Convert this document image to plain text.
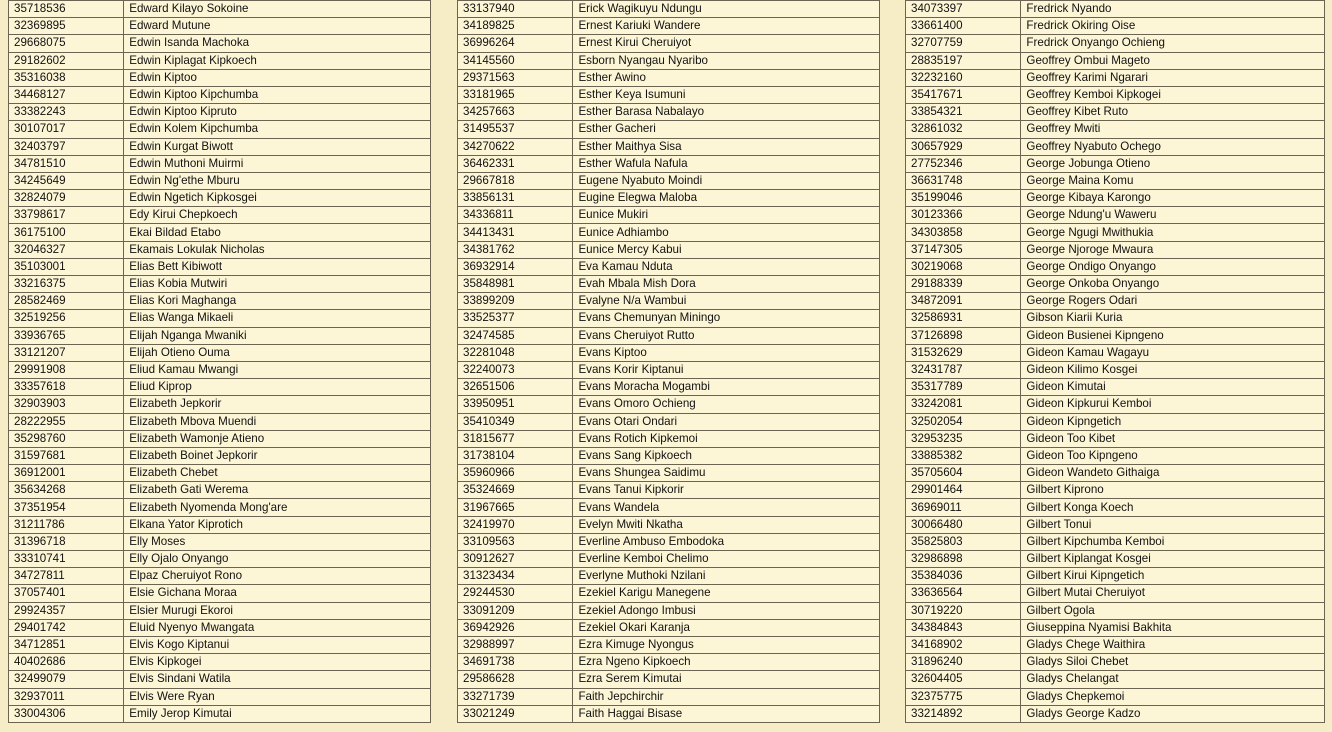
35718536	Edward Kilayo Sokoine
32369895	Edward Mutune
29668075	Edwin Isanda Machoka
29182602	Edwin Kiplagat Kipkoech
35316038	Edwin Kiptoo
34468127	Edwin Kiptoo Kipchumba
33382243	Edwin Kiptoo Kipruto
30107017	Edwin Kolem Kipchumba
32403797	Edwin Kurgat Biwott
34781510	Edwin Muthoni Muirmi
34245649	Edwin Ng'ethe Mburu
32824079	Edwin Ngetich Kipkosgei
33798617	Edy Kirui Chepkoech
36175100	Ekai Bildad Etabo
32046327	Ekamais Lokulak Nicholas
35103001	Elias Bett Kibiwott
33216375	Elias Kobia Mutwiri
28582469	Elias Kori Maghanga
32519256	Elias Wanga Mikaeli
33936765	Elijah Nganga Mwaniki
33121207	Elijah Otieno Ouma
29991908	Eliud Kamau Mwangi
33357618	Eliud Kiprop
32903903	Elizabeth Jepkorir
28222955	Elizabeth Mbova Muendi
35298760	Elizabeth Wamonje Atieno
31597681	Elizabeth Boinet Jepkorir
36912001	Elizabeth Chebet
35634268	Elizabeth Gati Werema
37351954	Elizabeth Nyomenda Mong'are
31211786	Elkana Yator Kiprotich
31396718	Elly Moses
33310741	Elly Ojalo Onyango
34727811	Elpaz Cheruiyot Rono
37057401	Elsie Gichana Moraa
29924357	Elsier Murugi Ekoroi
29401742	Eluid Nyenyo Mwangata
34712851	Elvis Kogo Kiptanui
40402686	Elvis Kipkogei
32499079	Elvis Sindani Watila
32937011	Elvis Were Ryan
33004306	Emily Jerop Kimutai
33137940	Erick Wagikuyu Ndungu
34189825	Ernest Kariuki Wandere
36996264	Ernest Kirui Cheruiyot
34145560	Esborn Nyangau Nyaribo
29371563	Esther Awino
33181965	Esther Keya Isumuni
34257663	Esther Barasa Nabalayo
31495537	Esther Gacheri
34270622	Esther Maithya Sisa
36462331	Esther Wafula Nafula
29667818	Eugene Nyabuto Moindi
33856131	Eugine Elegwa Maloba
34336811	Eunice Mukiri
34413431	Eunice Adhiambo
34381762	Eunice Mercy Kabui
36932914	Eva Kamau Nduta
35848981	Evah Mbala Mish Dora
33899209	Evalyne N/a Wambui
33525377	Evans Chemunyan Miningo
32474585	Evans Cheruiyot Rutto
32281048	Evans Kiptoo
32240073	Evans Korir Kiptanui
32651506	Evans Moracha Mogambi
33950951	Evans Omoro Ochieng
35410349	Evans Otari Ondari
31815677	Evans Rotich Kipkemoi
31738104	Evans Sang Kipkoech
35960966	Evans Shungea Saidimu
35324669	Evans Tanui Kipkorir
31967665	Evans Wandela
32419970	Evelyn Mwiti Nkatha
33109563	Everline Ambuso Embodoka
30912627	Everline Kemboi Chelimo
31323434	Everlyne Muthoki Nzilani
29244530	Ezekiel Karigu Manegene
33091209	Ezekiel Adongo Imbusi
36942926	Ezekiel Okari Karanja
32988997	Ezra Kimuge Nyongus
34691738	Ezra Ngeno Kipkoech
29586628	Ezra Serem Kimutai
33271739	Faith Jepchirchir
33021249	Faith Haggai Bisase
34073397	Fredrick Nyando
33661400	Fredrick Okiring Oise
32707759	Fredrick Onyango Ochieng
28835197	Geoffrey Ombui Mageto
32232160	Geoffrey Karimi Ngarari
35417671	Geoffrey Kemboi Kipkogei
33854321	Geoffrey Kibet Ruto
32861032	Geoffrey Mwiti
30657929	Geoffrey Nyabuto Ochego
27752346	George Jobunga Otieno
36631748	George Maina Komu
35199046	George Kibaya Karongo
30123366	George Ndung'u Waweru
34303858	George Ngugi Mwithukia
37147305	George Njoroge Mwaura
30219068	George Ondigo Onyango
29188339	George Onkoba Onyango
34872091	George Rogers Odari
32586931	Gibson Kiarii Kuria
37126898	Gideon Busienei Kipngeno
31532629	Gideon Kamau Wagayu
32431787	Gideon Kilimo Kosgei
35317789	Gideon Kimutai
33242081	Gideon Kipkurui Kemboi
32502054	Gideon Kipngetich
32953235	Gideon Too Kibet
33885382	Gideon Too Kipngeno
35705604	Gideon Wandeto Githaiga
29901464	Gilbert Kiprono
36969011	Gilbert Konga Koech
30066480	Gilbert Tonui
35825803	Gilbert Kipchumba Kemboi
32986898	Gilbert Kiplangat Kosgei
35384036	Gilbert Kirui Kipngetich
33636564	Gilbert Mutai Cheruiyot
30719220	Gilbert Ogola
34384843	Giuseppina Nyamisi Bakhita
34168902	Gladys Chege Waithira
31896240	Gladys Siloi Chebet
32604405	Gladys Chelangat
32375775	Gladys Chepkemoi
33214892	Gladys George Kadzo
